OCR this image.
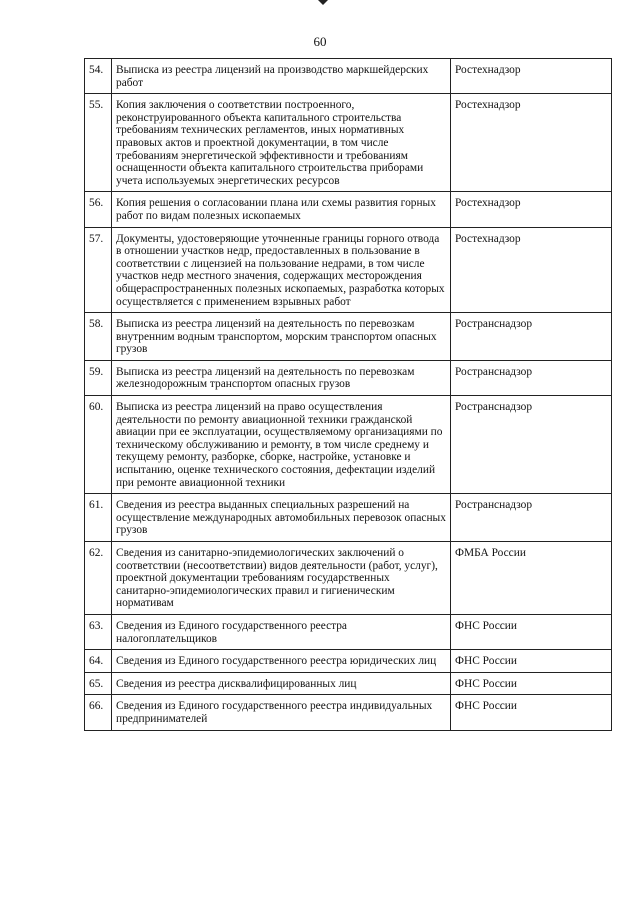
60
54.	Выписка из реестра лицензий на производство маркшейдерских работ	Ростехнадзор
55.	Копия заключения о соответствии построенного, реконструированного объекта капитального строительства требованиям технических регламентов, иных нормативных правовых актов и проектной документации, в том числе требованиям энергетической эффективности и требованиям оснащенности объекта капитального строительства приборами учета используемых энергетических ресурсов	Ростехнадзор
56.	Копия решения о согласовании плана или схемы развития горных работ по видам полезных ископаемых	Ростехнадзор
57.	Документы, удостоверяющие уточненные границы горного отвода в отношении участков недр, предоставленных в пользование в соответствии с лицензией на пользование недрами, в том числе участков недр местного значения, содержащих месторождения общераспространенных полезных ископаемых, разработка которых осуществляется с применением взрывных работ	Ростехнадзор
58.	Выписка из реестра лицензий на деятельность по перевозкам внутренним водным транспортом, морским транспортом опасных грузов	Ространснадзор
59.	Выписка из реестра лицензий на деятельность по перевозкам железнодорожным транспортом опасных грузов	Ространснадзор
60.	Выписка из реестра лицензий на право осуществления деятельности по ремонту авиационной техники гражданской авиации при ее эксплуатации, осуществляемому организациями по техническому обслуживанию и ремонту, в том числе среднему и текущему ремонту, разборке, сборке, настройке, установке и испытанию, оценке технического состояния, дефектации изделий при ремонте авиационной техники	Ространснадзор
61.	Сведения из реестра выданных специальных разрешений на осуществление международных автомобильных перевозок опасных грузов	Ространснадзор
62.	Сведения из санитарно-эпидемиологических заключений о соответствии (несоответствии) видов деятельности (работ, услуг), проектной документации требованиям государственных санитарно-эпидемиологических правил и гигиеническим нормативам	ФМБА России
63.	Сведения из Единого государственного реестра налогоплательщиков	ФНС России
64.	Сведения из Единого государственного реестра юридических лиц	ФНС России
65.	Сведения из реестра дисквалифицированных лиц	ФНС России
66.	Сведения из Единого государственного реестра индивидуальных предпринимателей	ФНС России
